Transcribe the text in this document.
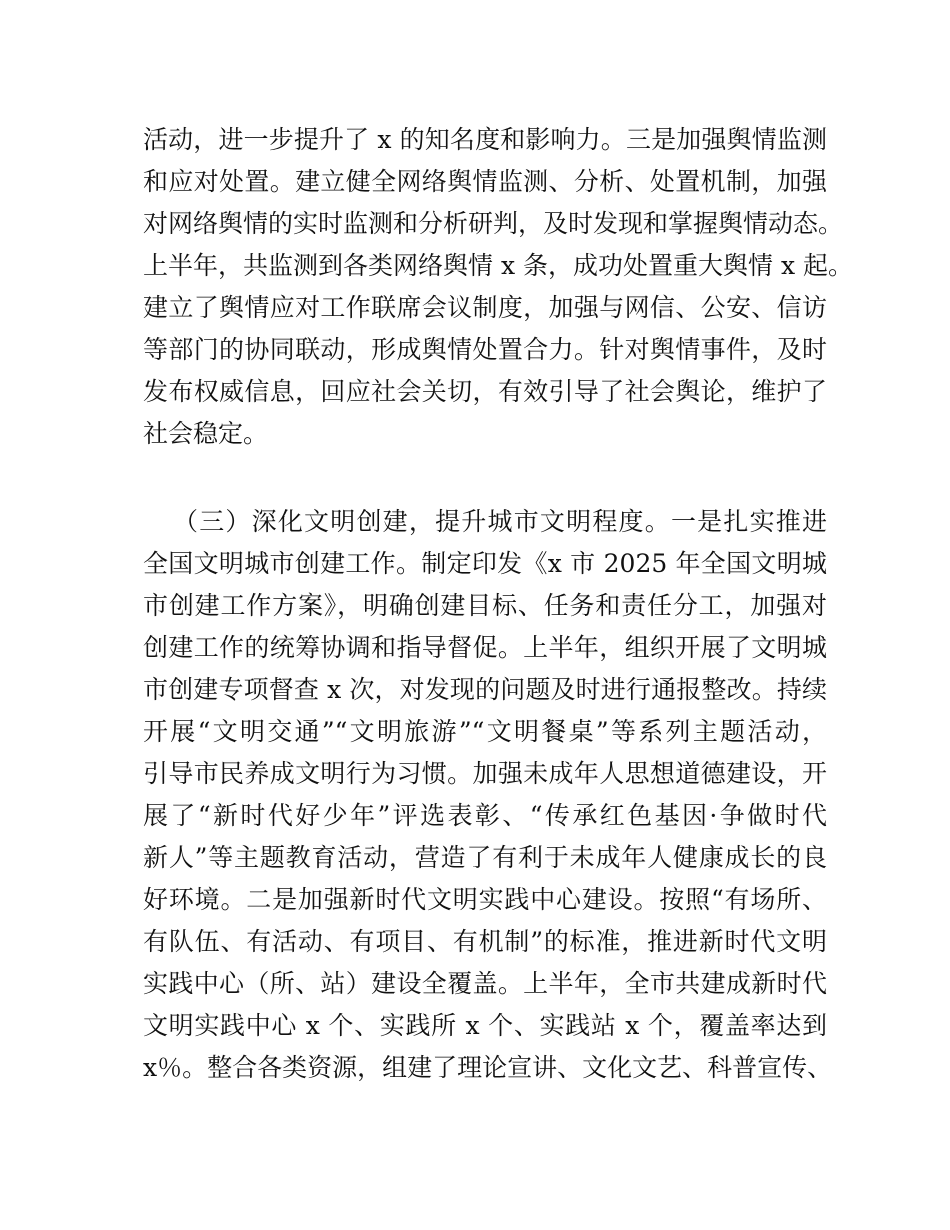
活动，进一步提升了 x 的知名度和影响力。三是加强舆情监测
和应对处置。建立健全网络舆情监测、分析、处置机制，加强
对网络舆情的实时监测和分析研判，及时发现和掌握舆情动态。
上半年，共监测到各类网络舆情 x 条，成功处置重大舆情 x 起。
建立了舆情应对工作联席会议制度，加强与网信、公安、信访
等部门的协同联动，形成舆情处置合力。针对舆情事件，及时
发布权威信息，回应社会关切，有效引导了社会舆论，维护了
社会稳定。
（三）深化文明创建，提升城市文明程度。一是扎实推进
全国文明城市创建工作。制定印发《x 市 2025 年全国文明城
市创建工作方案》，明确创建目标、任务和责任分工，加强对
创建工作的统筹协调和指导督促。上半年，组织开展了文明城
市创建专项督查 x 次，对发现的问题及时进行通报整改。持续
开展“文明交通”“文明旅游”“文明餐桌”等系列主题活动，
引导市民养成文明行为习惯。加强未成年人思想道德建设，开
展了“新时代好少年”评选表彰、“传承红色基因·争做时代
新人”等主题教育活动，营造了有利于未成年人健康成长的良
好环境。二是加强新时代文明实践中心建设。按照“有场所、
有队伍、有活动、有项目、有机制”的标准，推进新时代文明
实践中心（所、站）建设全覆盖。上半年，全市共建成新时代
文明实践中心 x 个、实践所 x 个、实践站 x 个，覆盖率达到
x％。整合各类资源，组建了理论宣讲、文化文艺、科普宣传、
